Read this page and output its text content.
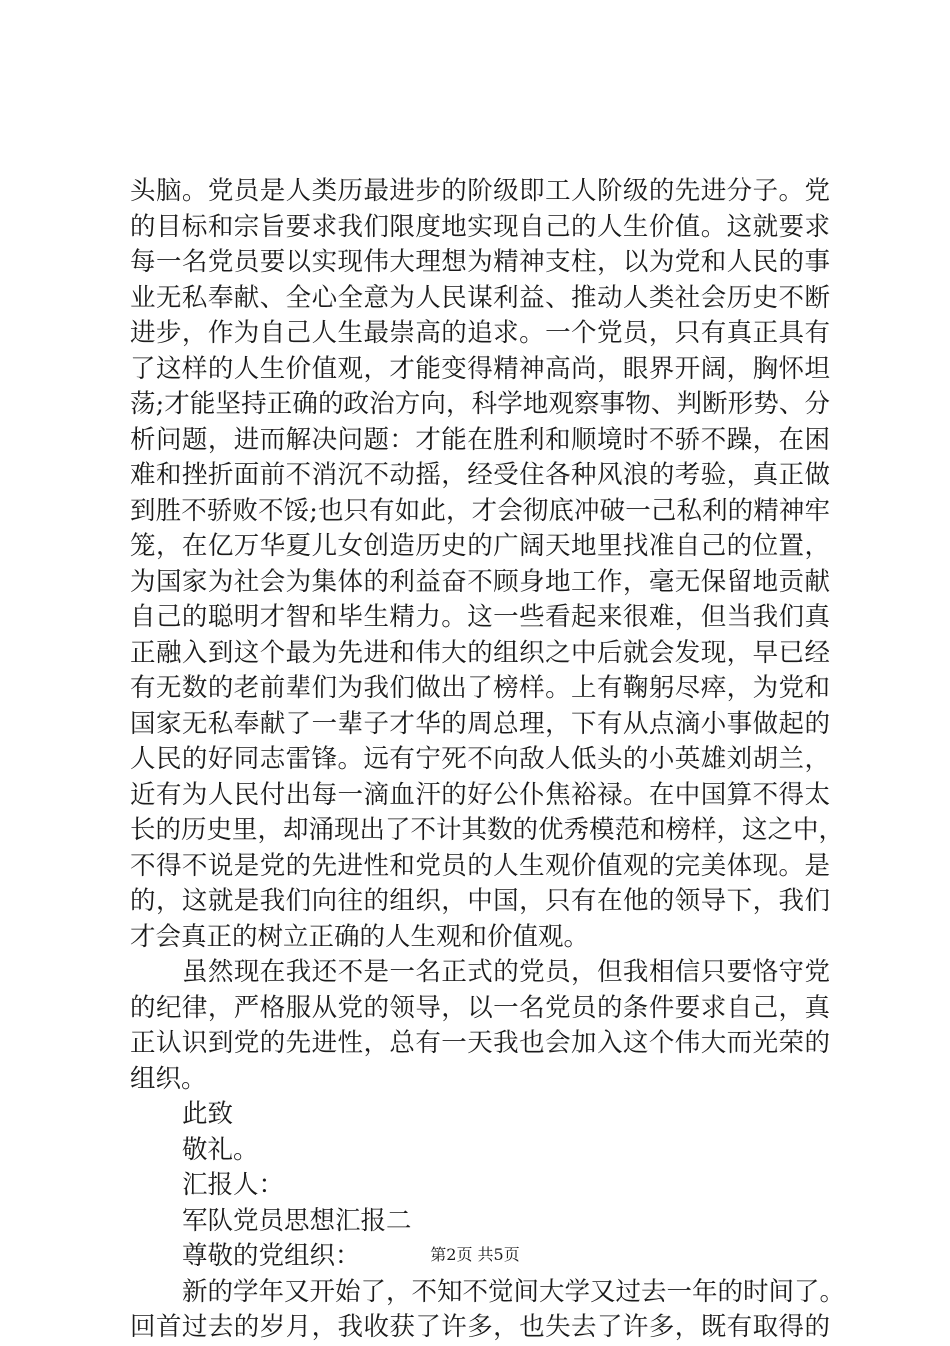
头脑。党员是人类历最进步的阶级即工人阶级的先进分子。党
的目标和宗旨要求我们限度地实现自己的人生价值。这就要求
每一名党员要以实现伟大理想为精神支柱，以为党和人民的事
业无私奉献、全心全意为人民谋利益、推动人类社会历史不断
进步，作为自己人生最崇高的追求。一个党员，只有真正具有
了这样的人生价值观，才能变得精神高尚，眼界开阔，胸怀坦
荡;才能坚持正确的政治方向，科学地观察事物、判断形势、分
析问题，进而解决问题：才能在胜利和顺境时不骄不躁，在困
难和挫折面前不消沉不动摇，经受住各种风浪的考验，真正做
到胜不骄败不馁;也只有如此，才会彻底冲破一己私利的精神牢
笼，在亿万华夏儿女创造历史的广阔天地里找准自己的位置，
为国家为社会为集体的利益奋不顾身地工作，毫无保留地贡献
自己的聪明才智和毕生精力。这一些看起来很难，但当我们真
正融入到这个最为先进和伟大的组织之中后就会发现，早已经
有无数的老前辈们为我们做出了榜样。上有鞠躬尽瘁，为党和
国家无私奉献了一辈子才华的周总理，下有从点滴小事做起的
人民的好同志雷锋。远有宁死不向敌人低头的小英雄刘胡兰，
近有为人民付出每一滴血汗的好公仆焦裕禄。在中国算不得太
长的历史里，却涌现出了不计其数的优秀模范和榜样，这之中，
不得不说是党的先进性和党员的人生观价值观的完美体现。是
的，这就是我们向往的组织，中国，只有在他的领导下，我们
才会真正的树立正确的人生观和价值观。
虽然现在我还不是一名正式的党员，但我相信只要恪守党
的纪律，严格服从党的领导，以一名党员的条件要求自己，真
正认识到党的先进性，总有一天我也会加入这个伟大而光荣的
组织。
此致
敬礼。
汇报人：
军队党员思想汇报二
尊敬的党组织：
新的学年又开始了，不知不觉间大学又过去一年的时间了。
回首过去的岁月，我收获了许多，也失去了许多，既有取得的
第2页 共5页
